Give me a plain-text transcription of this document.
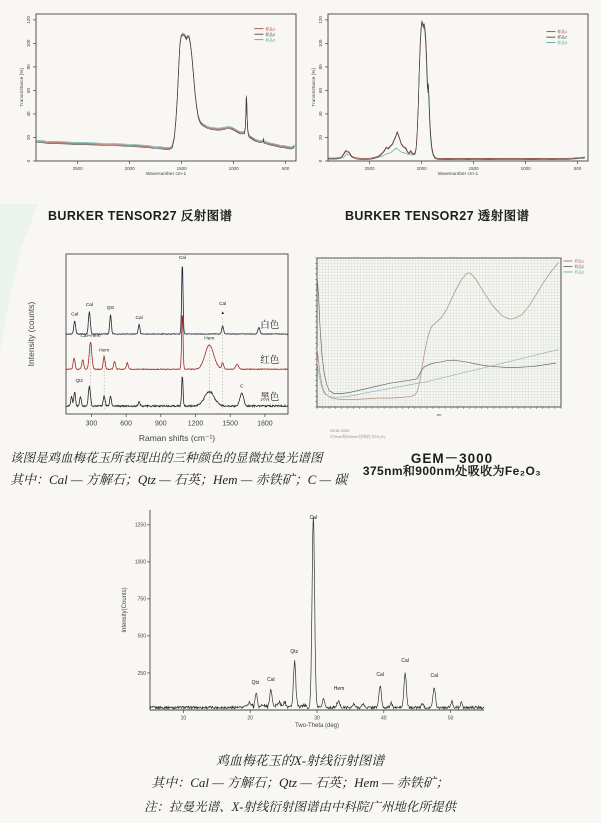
2500	2000	1500	1000	500
0
20
40
60
80
100
120
Wavenumber cm-1
Transmittance [%]
样品1
样品2
样品3
2500	2000	1500	1000	500
0
20
40
60
80
100
120
Wavenumber cm-1
Transmittance [%]
样品1
样品2
样品3
BURKER TENSOR27 反射图谱	BURKER TENSOR27 透射图谱
300	600	900	1200	1500	1800
Raman shifts (cm⁻¹)
Intensity (counts)	白色
红色
黑色
Cal
Cal
Qtz
Cal
Cal
Cal
Cal+Hem
Hem
Hem
Qtz
C
▲
nm
样品1
样品2
样品3
GEM-3000
375nm和900nm处吸收为Fe₂O₃
GEM－3000
375nm和900nm处吸收为Fe₂O₃
该图是鸡血梅花玉所表现出的三种颜色的显微拉曼光谱图
其中：Cal — 方解石；Qtz — 石英；Hem — 赤铁矿；C — 碳
10	20	30	40	50
250
500
750
1000
1250
Two-Theta (deg)
Intensity(Counts)
Qtz Cal
Qtz
Cal
Hem
Cal
Cal
Cal
鸡血梅花玉的X-射线衍射图谱
其中：Cal — 方解石；Qtz — 石英；Hem — 赤铁矿；
注：拉曼光谱、X-射线衍射图谱由中科院广州地化所提供
